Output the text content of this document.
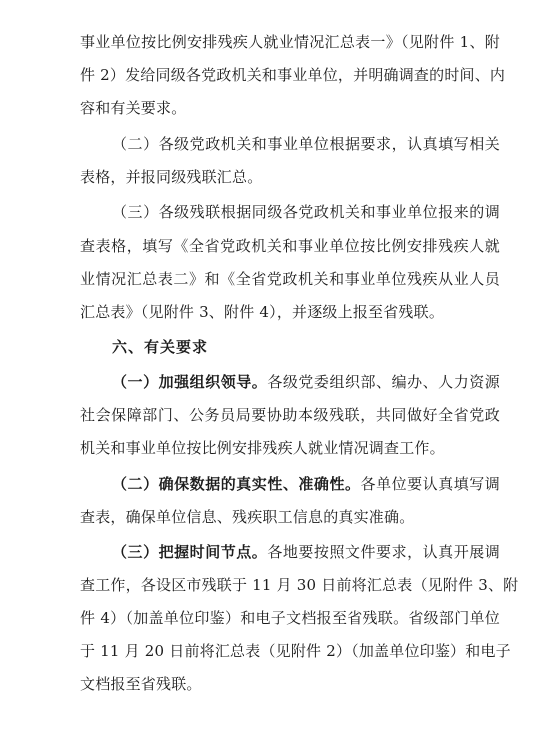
事业单位按比例安排残疾人就业情况汇总表一》（见附件 1、附
件 2）发给同级各党政机关和事业单位，并明确调查的时间、内
容和有关要求。
（二）各级党政机关和事业单位根据要求，认真填写相关
表格，并报同级残联汇总。
（三）各级残联根据同级各党政机关和事业单位报来的调
查表格，填写《全省党政机关和事业单位按比例安排残疾人就
业情况汇总表二》和《全省党政机关和事业单位残疾从业人员
汇总表》（见附件 3、附件 4），并逐级上报至省残联。
六、有关要求
（一）加强组织领导。各级党委组织部、编办、人力资源
社会保障部门、公务员局要协助本级残联，共同做好全省党政
机关和事业单位按比例安排残疾人就业情况调查工作。
（二）确保数据的真实性、准确性。各单位要认真填写调
查表，确保单位信息、残疾职工信息的真实准确。
（三）把握时间节点。各地要按照文件要求，认真开展调
查工作，各设区市残联于 11 月 30 日前将汇总表（见附件 3、附
件 4）（加盖单位印鉴）和电子文档报至省残联。省级部门单位
于 11 月 20 日前将汇总表（见附件 2）（加盖单位印鉴）和电子
文档报至省残联。
